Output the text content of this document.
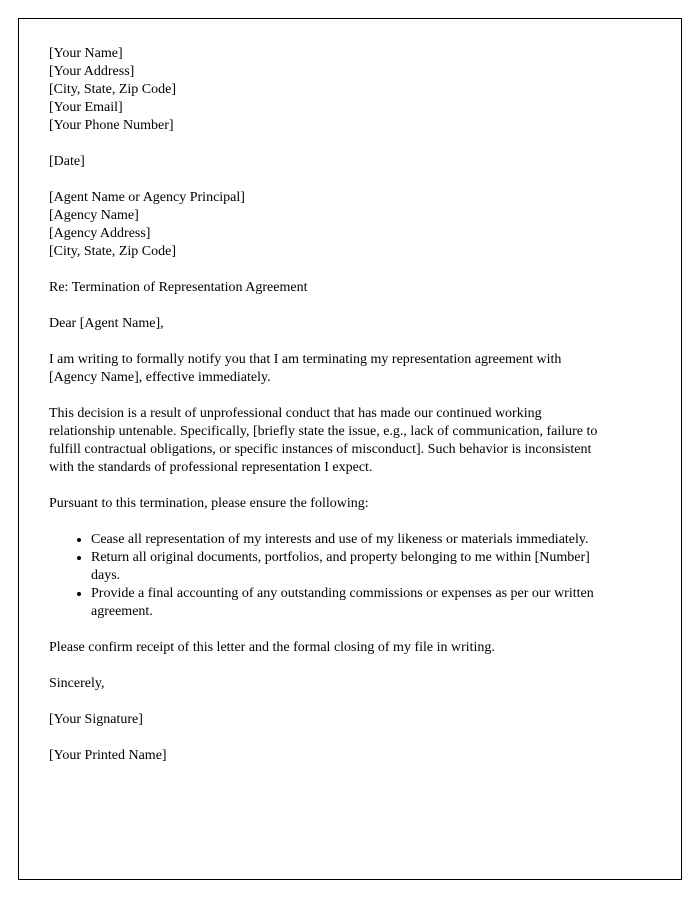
[Your Name]
[Your Address]
[City, State, Zip Code]
[Your Email]
[Your Phone Number]

[Date]

[Agent Name or Agency Principal]
[Agency Name]
[Agency Address]
[City, State, Zip Code]

Re: Termination of Representation Agreement

Dear [Agent Name],

I am writing to formally notify you that I am terminating my representation agreement with [Agency Name], effective immediately.

This decision is a result of unprofessional conduct that has made our continued working relationship untenable. Specifically, [briefly state the issue, e.g., lack of communication, failure to fulfill contractual obligations, or specific instances of misconduct]. Such behavior is inconsistent with the standards of professional representation I expect.

Pursuant to this termination, please ensure the following:

• Cease all representation of my interests and use of my likeness or materials immediately.
• Return all original documents, portfolios, and property belonging to me within [Number] days.
• Provide a final accounting of any outstanding commissions or expenses as per our written agreement.

Please confirm receipt of this letter and the formal closing of my file in writing.

Sincerely,

[Your Signature]

[Your Printed Name]
